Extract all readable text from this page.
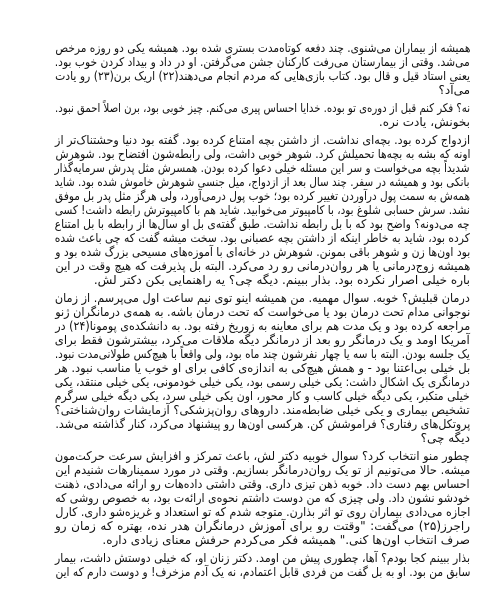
همیشه از بیماران می‌شنوی. چند دفعه کوتاه‌مدت بستری شده بود. همیشه یکی دو روزه مرخص
می‌شد. وقتی از بیمارستان می‌رفت کارکنان جشن می‌گرفتن. او در داد و بیداد کردن خوب بود.
یعنی استاد قیل و قال بود. کتاب بازی‌هایی که مردم انجام می‌دهند(۲۲) اریک برن(۲۳) رو یادت
می‌آد؟
نه؟ فکر کنم قبل از دوره‌ی تو بوده. خدایا احساس پیری می‌کنم. چیز خوبی بود، برن اصلاً احمق نبود.
بخونش، یادت نره.
ازدواج کرده بود. بچه‌ای نداشت. از داشتن بچه امتناع کرده بود. گفته بود دنیا وحشتناک‌تر از
اونه که بشه به بچه‌ها تحمیلش کرد. شوهر خوبی داشت، ولی رابطه‌شون افتضاح بود. شوهرش
شدیداً بچه می‌خواست و سر این مسئله خیلی دعوا کرده بودن. همسرش مثل پدرش سرمایه‌گذار
بانکی بود و همیشه در سفر. چند سال بعد از ازدواج، میل جنسی شوهرش خاموش شده بود. شاید
همه‌ش به سمت پول درآوردن تغییر کرده بود؛ خوب پول درمی‌آورد، ولی هرگز مثل پدر بل موفق
نشد. سرش حسابی شلوغ بود، با کامپیوتر می‌خوابید. شاید هم با کامپیوترش رابطه داشت! کسی
چه می‌دونه؟ واضح بود که با بل رابطه نداشت. طبق گفته‌ی بل او سال‌ها از رابطه با بل امتناع
کرده بود، شاید به خاطر اینکه از داشتن بچه عصبانی بود. سخت میشه گفت که چی باعث شده
بود اون‌ها زن و شوهر باقی بمونن. شوهرش در خانه‌ای با آموزه‌های مسیحی بزرگ شده بود و
همیشه زوج‌درمانی یا هر روان‌درمانی رو رد می‌کرد. البته بل پذیرفت که هیچ وقت در این
باره خیلی اصرار نکرده بود. بذار ببینم. دیگه چی؟ یه راهنمایی بکن دکتر لش.
درمان قبلیش؟ خوبه. سوال مهمیه. من همیشه اینو توی نیم ساعت اول می‌پرسم. از زمان
نوجوانی مدام تحت درمان بود یا می‌خواست که تحت درمان باشه. به همه‌ی درمانگران ژنو
مراجعه کرده بود و یک مدت هم برای معاینه به زوریخ رفته بود. به دانشکده‌ی پومونا(۲۴) در
آمریکا اومد و یک درمانگر رو بعد از درمانگر دیگه ملاقات می‌کرد، بیشترشون فقط برای
یک جلسه بودن. البته با سه یا چهار نفرشون چند ماه بود، ولی واقعاً با هیچ‌کس طولانی‌مدت نبود.
بل خیلی بی‌اعتنا بود - و همش هیچ‌کی به اندازه‌ی کافی برای او خوب یا مناسب نبود. هر
درمانگری یک اشکال داشت: یکی خیلی رسمی بود، یکی خیلی خودمونی، یکی خیلی منتقد، یکی
خیلی متکبر، یکی دیگه خیلی کاسب و کار محور، اون یکی خیلی سرد، یکی دیگه خیلی سرگرم
تشخیص بیماری و یکی خیلی ضابطه‌مند. داروهای روان‌پزشکی؟ آزمایشات روان‌شناختی؟
پروتکل‌های رفتاری؟ فراموشش کن. هرکسی اون‌ها رو پیشنهاد می‌کرد، کنار گذاشته می‌شد.
دیگه چی؟
چطور منو انتخاب کرد؟ سوال خوبیه دکتر لش، باعث تمرکز و افزایش سرعت حرکت‌مون
میشه. حالا می‌تونیم از تو یک روان‌درمانگر بسازیم. وقتی در مورد سمینارهات شنیدم این
احساس بهم دست داد. خوبه ذهن تیزی داری. وقتی داشتی داده‌هات رو ارائه می‌دادی، ذهنت
خودشو نشون داد. ولی چیزی که من دوست داشتم نحوه‌ی ارائه‌ت بود، به خصوص روشی که
اجازه می‌دادی بیماران روی تو اثر بذارن. متوجه شدم که تو استعداد و غریزه‌شو داری. کارل
راجرز(۲۵) می‌گفت: "وقتت رو برای آموزش درمانگران هدر نده، بهتره که زمان رو
صرف انتخاب اون‌ها کنی." همیشه فکر می‌کردم حرفش معنای زیادی داره.
بذار ببینم کجا بودم؟ آها، چطوری پیش من اومد. دکتر زنان او، که خیلی دوستش داشت، بیمار
سابق من بود. او به بل گفت من فردی قابل اعتمادم، نه یک آدم مزخرف! و دوست دارم که این
